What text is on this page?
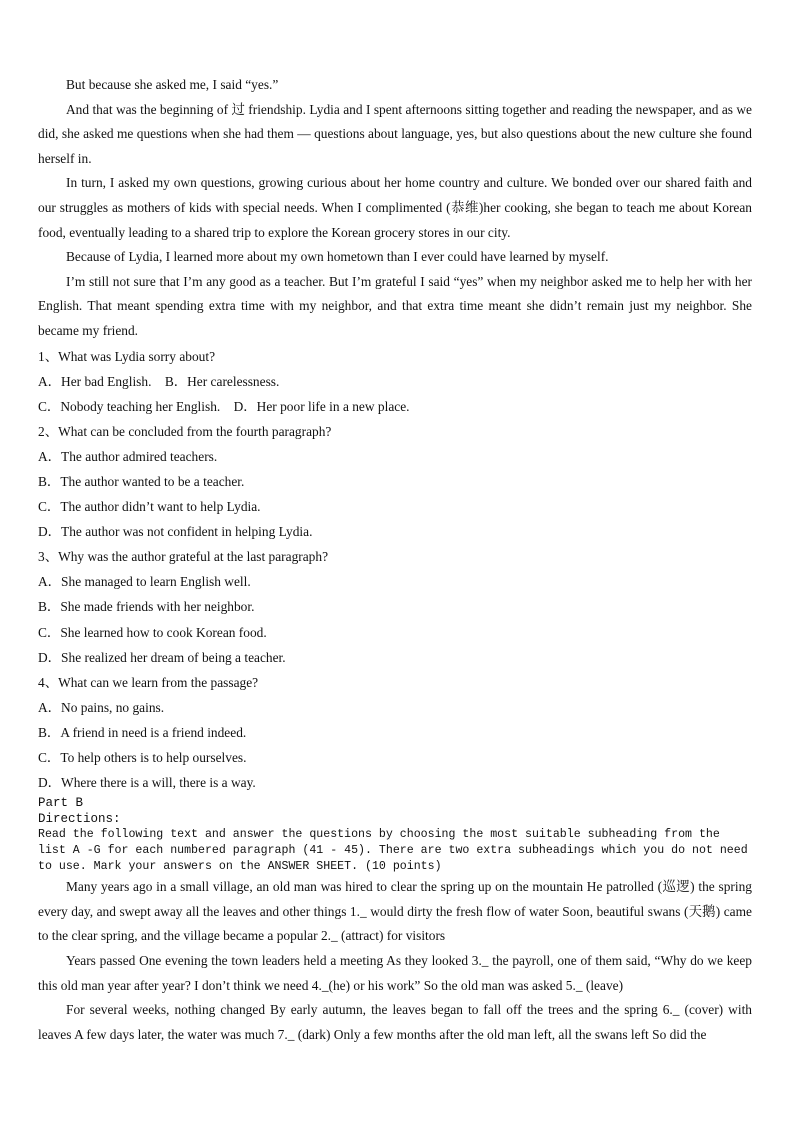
But because she asked me, I said “yes.”

And that was the beginning of 过 friendship. Lydia and I spent afternoons sitting together and reading the newspaper, and as we did, she asked me questions when she had them — questions about language, yes, but also questions about the new culture she found herself in.

In turn, I asked my own questions, growing curious about her home country and culture. We bonded over our shared faith and our struggles as mothers of kids with special needs. When I complimented (恭维)her cooking, she began to teach me about Korean food, eventually leading to a shared trip to explore the Korean grocery stores in our city.

Because of Lydia, I learned more about my own hometown than I ever could have learned by myself.

I’m still not sure that I’m any good as a teacher. But I’m grateful I said “yes” when my neighbor asked me to help her with her English. That meant spending extra time with my neighbor, and that extra time meant she didn’t remain just my neighbor. She became my friend.

1、What was Lydia sorry about?

A．Her bad English.　B．Her carelessness.

C．Nobody teaching her English.　D．Her poor life in a new place.

2、What can be concluded from the fourth paragraph?

A．The author admired teachers.

B．The author wanted to be a teacher.

C．The author didn’t want to help Lydia.

D．The author was not confident in helping Lydia.

3、Why was the author grateful at the last paragraph?

A．She managed to learn English well.

B．She made friends with her neighbor.

C．She learned how to cook Korean food.

D．She realized her dream of being a teacher.

4、What can we learn from the passage?

A．No pains, no gains.

B．A friend in need is a friend indeed.

C．To help others is to help ourselves.

D．Where there is a will, there is a way.

Part B

Directions:

Read the following text and answer the questions by choosing the most suitable subheading from the list A -G for each numbered paragraph (41 - 45). There are two extra subheadings which you do not need to use. Mark your answers on the ANSWER SHEET. (10 points)

Many years ago in a small village, an old man was hired to clear the spring up on the mountain He patrolled (巡逻) the spring every day, and swept away all the leaves and other things 1._ would dirty the fresh flow of water Soon, beautiful swans (天鹅) came to the clear spring, and the village became a popular 2._ (attract) for visitors

Years passed One evening the town leaders held a meeting As they looked 3._ the payroll, one of them said, “Why do we keep this old man year after year? I don’t think we need 4._(he) or his work” So the old man was asked 5._ (leave)

For several weeks, nothing changed By early autumn, the leaves began to fall off the trees and the spring 6._ (cover) with leaves A few days later, the water was much 7._ (dark) Only a few months after the old man left, all the swans left So did the
